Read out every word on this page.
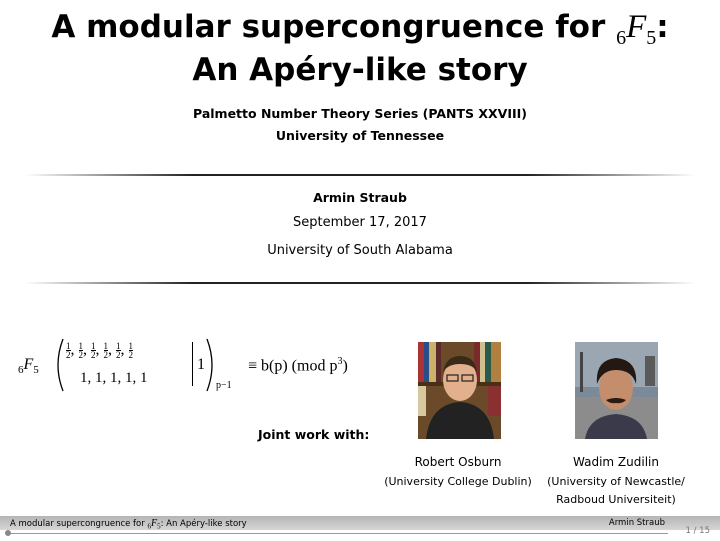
A modular supercongruence for $_6F_5$:
An Apéry-like story
Palmetto Number Theory Series (PANTS XXVIII)
University of Tennessee
Armin Straub
September 17, 2017
University of South Alabama
$_6F_5$
$\frac{1}{2}$ , $\frac{1}{2}$ , $\frac{1}{2}$ , $\frac{1}{2}$ , $\frac{1}{2}$ , $\frac{1}{2}$
1, 1, 1, 1, 1
1
p−1
≡ b(p) (mod $p^3$)
Joint work with:
Robert Osburn
(University College Dublin)
Wadim Zudilin
(University of Newcastle/
Radboud Universiteit)
A modular supercongruence for $_6F_5$: An Apéry-like story	Armin Straub
1 / 15
